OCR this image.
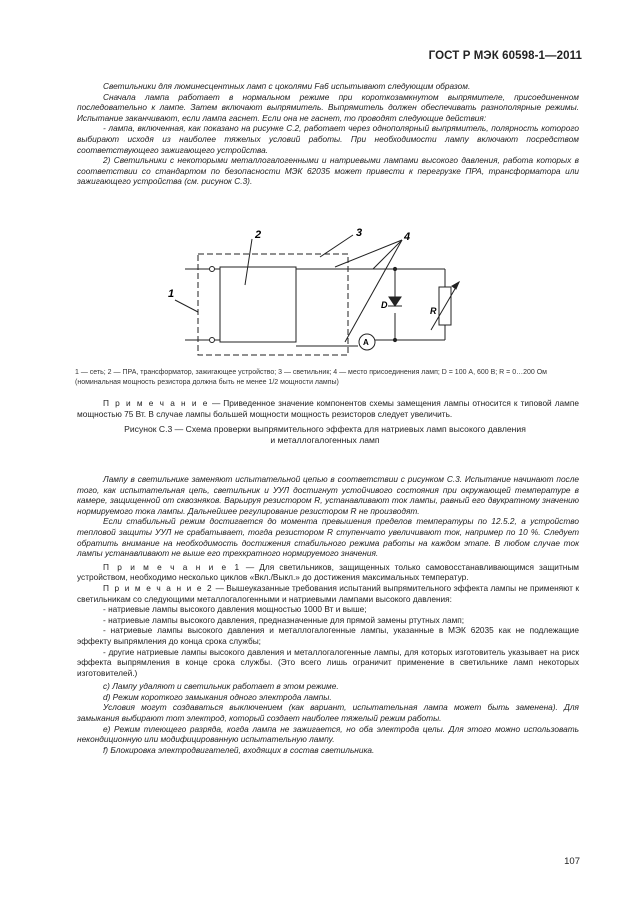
ГОСТ Р МЭК 60598-1—2011

Светильники для люминесцентных ламп с цоколями Fa6 испытывают следующим образом.

Сначала лампа работает в нормальном режиме при короткозамкнутом выпрямителе, присоединенном последовательно к лампе. Затем включают выпрямитель. Выпрямитель должен обеспечивать разнополярные режимы. Испытание заканчивают, если лампа гаснет. Если она не гаснет, то проводят следующие действия:

- лампа, включенная, как показано на рисунке С.2, работает через однополярный выпрямитель, полярность которого выбирают исходя из наиболее тяжелых условий работы. При необходимости лампу включают посредством соответствующего зажигающего устройства.

2) Светильники с некоторыми металлогалогенными и натриевыми лампами высокого давления, работа которых в соответствии со стандартом по безопасности МЭК 62035 может привести к перегрузке ПРА, трансформатора или зажигающего устройства (см. рисунок С.3).

2	3	4
1
D
R
A
1 — сеть; 2 — ПРА, трансформатор, зажигающее устройство; 3 — светильник; 4 — место присоединения ламп; D = 100 А, 600 В; R = 0…200 Ом (номинальная мощность резистора должна быть не менее 1/2 мощности лампы)

П р и м е ч а н и е — Приведенное значение компонентов схемы замещения лампы относится к типовой лампе мощностью 75 Вт. В случае лампы большей мощности мощность резисторов следует увеличить.

Рисунок С.3 — Схема проверки выпрямительного эффекта для натриевых ламп высокого давления
и металлогалогенных ламп

Лампу в светильнике заменяют испытательной цепью в соответствии с рисунком С.3. Испытание начинают после того, как испытательная цепь, светильник и УУЛ достигнут устойчивого состояния при окружающей температуре в камере, защищенной от сквозняков. Варьируя резистором R, устанавливают ток лампы, равный его двукратному значению нормируемого тока лампы. Дальнейшее регулирование резистором R не производят.

Если стабильный режим достигается до момента превышения пределов температуры по 12.5.2, а устройство тепловой защиты УУЛ не срабатывает, тогда резистором R ступенчато увеличивают ток, например по 10 %. Следует обратить внимание на необходимость достижения стабильного режима работы на каждом этапе. В любом случае ток лампы устанавливают не выше его трехкратного нормируемого значения.

П р и м е ч а н и е 1 — Для светильников, защищенных только самовосстанавливающимся защитным устройством, необходимо несколько циклов «Вкл./Выкл.» до достижения максимальных температур.

П р и м е ч а н и е 2 — Вышеуказанные требования испытаний выпрямительного эффекта лампы не применяют к светильникам со следующими металлогалогенными и натриевыми лампами высокого давления:

- натриевые лампы высокого давления мощностью 1000 Вт и выше;

- натриевые лампы высокого давления, предназначенные для прямой замены ртутных ламп;

- натриевые лампы высокого давления и металлогалогенные лампы, указанные в МЭК 62035 как не подлежащие эффекту выпрямления до конца срока службы;

- другие натриевые лампы высокого давления и металлогалогенные лампы, для которых изготовитель указывает на риск эффекта выпрямления в конце срока службы. (Это всего лишь ограничит применение в светильнике ламп некоторых изготовителей.)

c) Лампу удаляют и светильник работает в этом режиме.

d) Режим короткого замыкания одного электрода лампы.

Условия могут создаваться выключением (как вариант, испытательная лампа может быть заменена). Для замыкания выбирают тот электрод, который создает наиболее тяжелый режим работы.

e) Режим тлеющего разряда, когда лампа не зажигается, но оба электрода целы. Для этого можно использовать некондиционную или модифицированную испытательную лампу.

f) Блокировка электродвигателей, входящих в состав светильника.

107
